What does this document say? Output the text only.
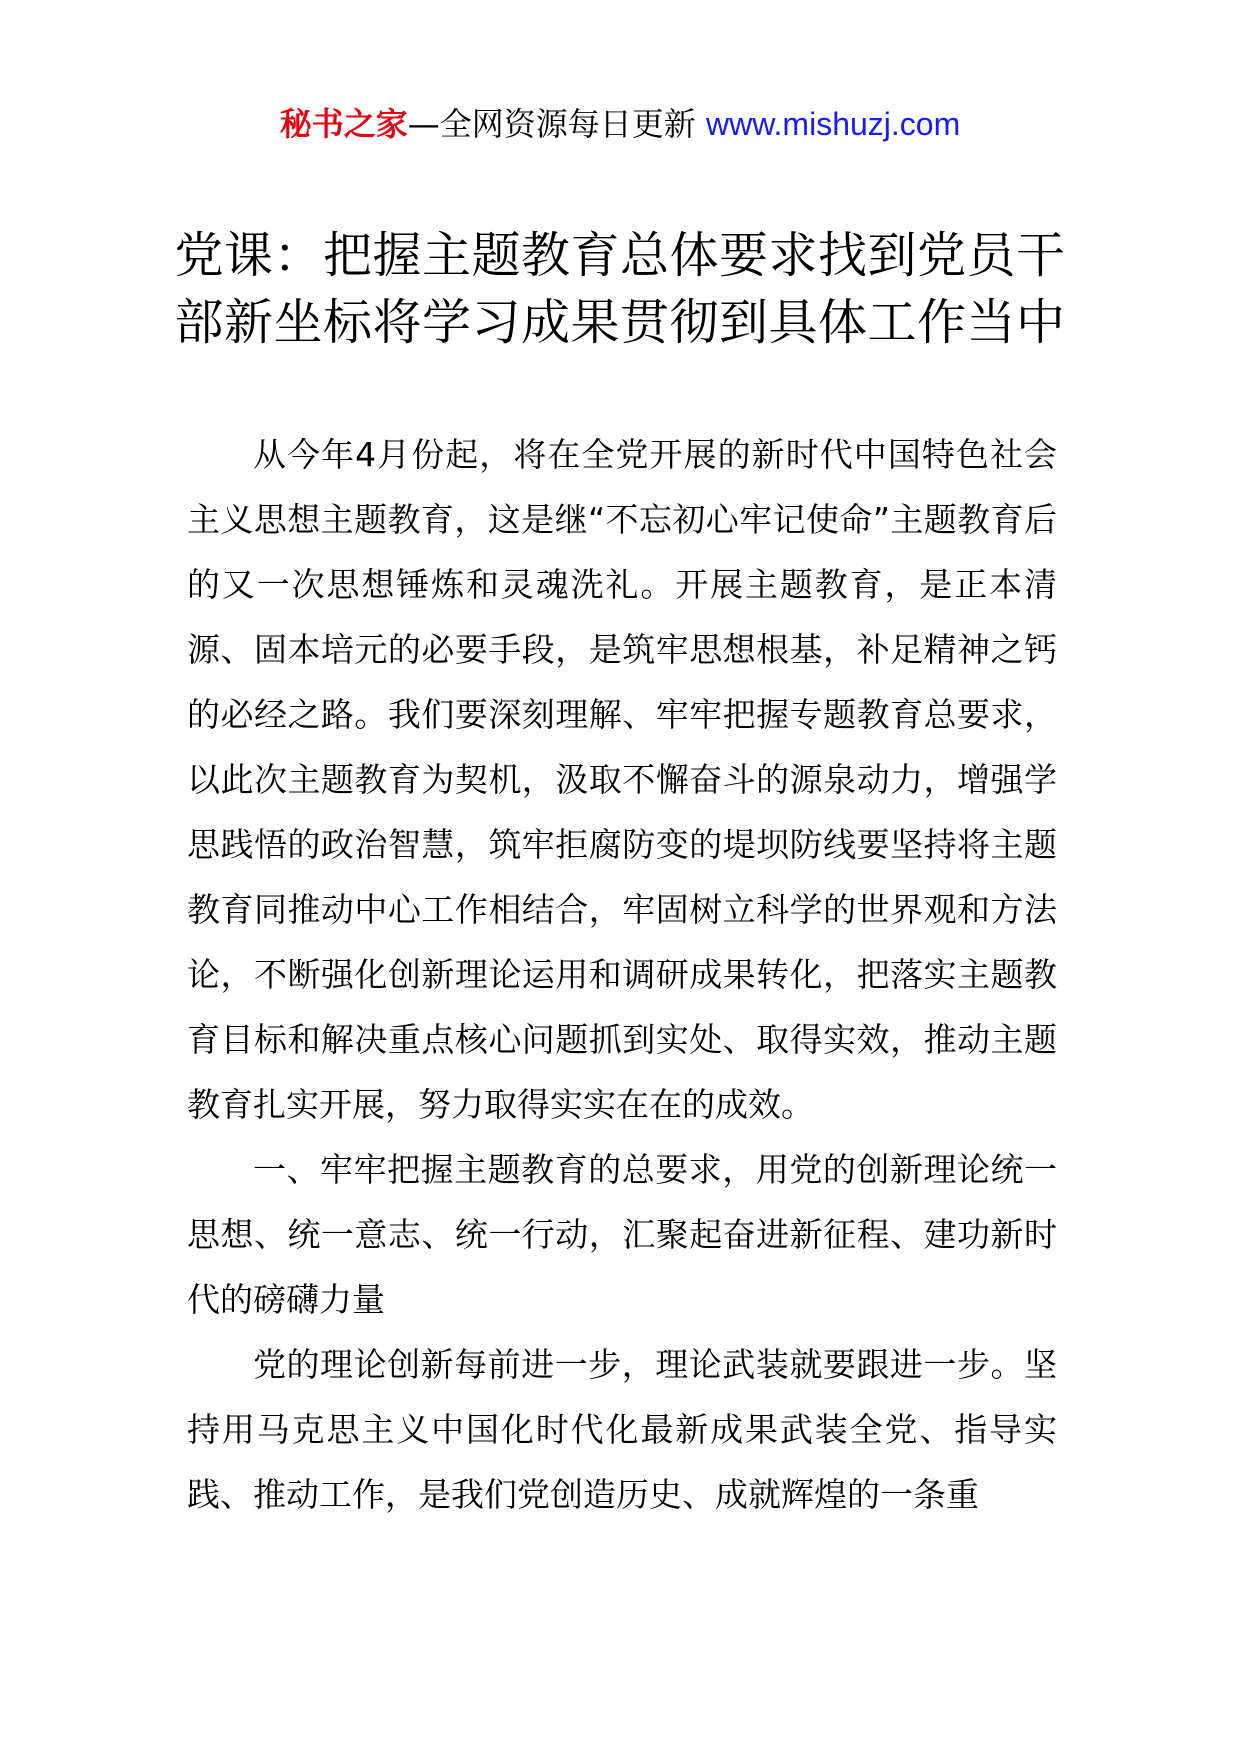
秘书之家—全网资源每日更新 www.mishuzj.com
党课：把握主题教育总体要求找到党员干部新坐标将学习成果贯彻到具体工作当中

从今年4月份起，将在全党开展的新时代中国特色社会主义思想主题教育，这是继“不忘初心牢记使命”主题教育后的又一次思想锤炼和灵魂洗礼。开展主题教育，是正本清源、固本培元的必要手段，是筑牢思想根基，补足精神之钙的必经之路。我们要深刻理解、牢牢把握专题教育总要求，以此次主题教育为契机，汲取不懈奋斗的源泉动力，增强学思践悟的政治智慧，筑牢拒腐防变的堤坝防线要坚持将主题教育同推动中心工作相结合，牢固树立科学的世界观和方法论，不断强化创新理论运用和调研成果转化，把落实主题教育目标和解决重点核心问题抓到实处、取得实效，推动主题教育扎实开展，努力取得实实在在的成效。

一、牢牢把握主题教育的总要求，用党的创新理论统一思想、统一意志、统一行动，汇聚起奋进新征程、建功新时代的磅礴力量

党的理论创新每前进一步，理论武装就要跟进一步。坚持用马克思主义中国化时代化最新成果武装全党、指导实践、推动工作，是我们党创造历史、成就辉煌的一条重
